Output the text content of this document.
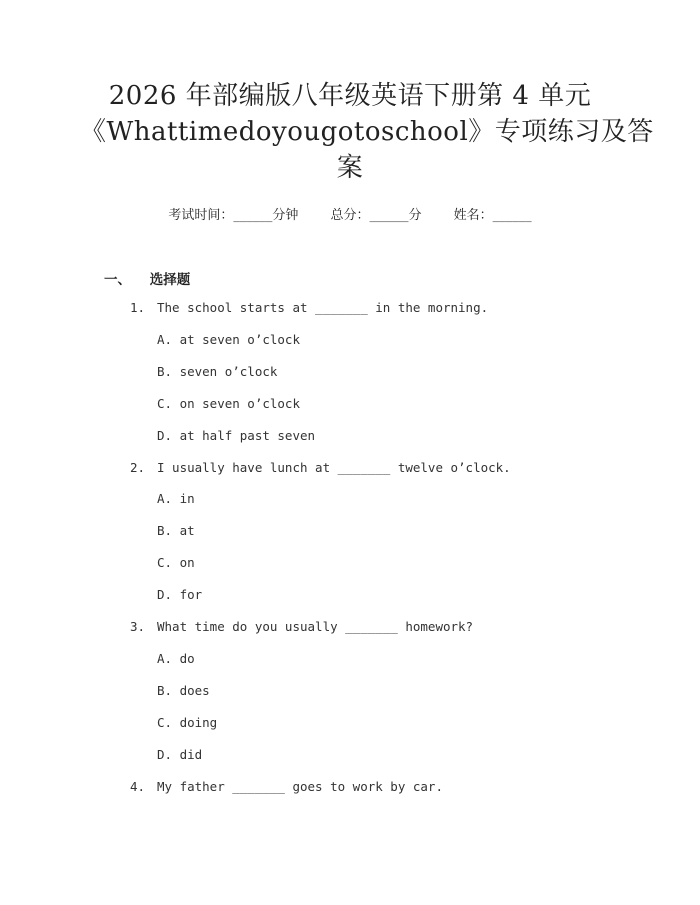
2026 年部编版八年级英语下册第 4 单元
《Whattimedoyougotoschool》专项练习及答
案
考试时间：______分钟 总分：______分 姓名：______
一、 选择题
1. The school starts at _______ in the morning.
A. at seven o’clock
B. seven o’clock
C. on seven o’clock
D. at half past seven
2. I usually have lunch at _______ twelve o’clock.
A. in
B. at
C. on
D. for
3. What time do you usually _______ homework?
A. do
B. does
C. doing
D. did
4. My father _______ goes to work by car.
